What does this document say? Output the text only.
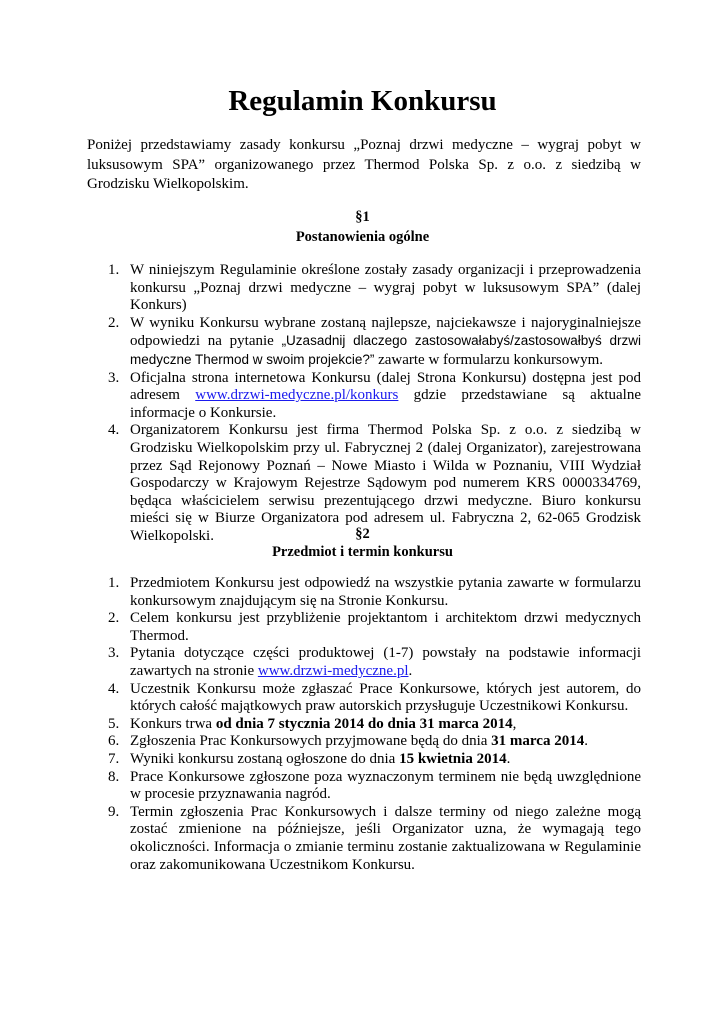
Regulamin Konkursu

Poniżej przedstawiamy zasady konkursu „Poznaj drzwi medyczne – wygraj pobyt w luksusowym SPA” organizowanego przez Thermod Polska Sp. z o.o. z siedzibą w Grodzisku Wielkopolskim.

§1
Postanowienia ogólne
1. W niniejszym Regulaminie określone zostały zasady organizacji i przeprowadzenia konkursu „Poznaj drzwi medyczne – wygraj pobyt w luksusowym SPA” (dalej Konkurs)
2. W wyniku Konkursu wybrane zostaną najlepsze, najciekawsze i najoryginalniejsze odpowiedzi na pytanie „Uzasadnij dlaczego zastosowałabyś/zastosowałbyś drzwi medyczne Thermod w swoim projekcie?” zawarte w formularzu konkursowym.
3. Oficjalna strona internetowa Konkursu (dalej Strona Konkursu) dostępna jest pod adresem www.drzwi-medyczne.pl/konkurs gdzie przedstawiane są aktualne informacje o Konkursie.
4. Organizatorem Konkursu jest firma Thermod Polska Sp. z o.o. z siedzibą w Grodzisku Wielkopolskim przy ul. Fabrycznej 2 (dalej Organizator), zarejestrowana przez Sąd Rejonowy Poznań – Nowe Miasto i Wilda w Poznaniu, VIII Wydział Gospodarczy w Krajowym Rejestrze Sądowym pod numerem KRS 0000334769, będąca właścicielem serwisu prezentującego drzwi medyczne. Biuro konkursu mieści się w Biurze Organizatora pod adresem ul. Fabryczna 2, 62-065 Grodzisk Wielkopolski.	§2
Przedmiot i termin konkursu
1. Przedmiotem Konkursu jest odpowiedź na wszystkie pytania zawarte w formularzu konkursowym znajdującym się na Stronie Konkursu.
2. Celem konkursu jest przybliżenie projektantom i architektom drzwi medycznych Thermod.
3. Pytania dotyczące części produktowej (1-7) powstały na podstawie informacji zawartych na stronie www.drzwi-medyczne.pl.
4. Uczestnik Konkursu może zgłaszać Prace Konkursowe, których jest autorem, do których całość majątkowych praw autorskich przysługuje Uczestnikowi Konkursu.
5. Konkurs trwa od dnia 7 stycznia 2014 do dnia 31 marca 2014,
6. Zgłoszenia Prac Konkursowych przyjmowane będą do dnia 31 marca 2014.
7. Wyniki konkursu zostaną ogłoszone do dnia 15 kwietnia 2014.
8. Prace Konkursowe zgłoszone poza wyznaczonym terminem nie będą uwzględnione w procesie przyznawania nagród.
9. Termin zgłoszenia Prac Konkursowych i dalsze terminy od niego zależne mogą zostać zmienione na późniejsze, jeśli Organizator uzna, że wymagają tego okoliczności. Informacja o zmianie terminu zostanie zaktualizowana w Regulaminie oraz zakomunikowana Uczestnikom Konkursu.
